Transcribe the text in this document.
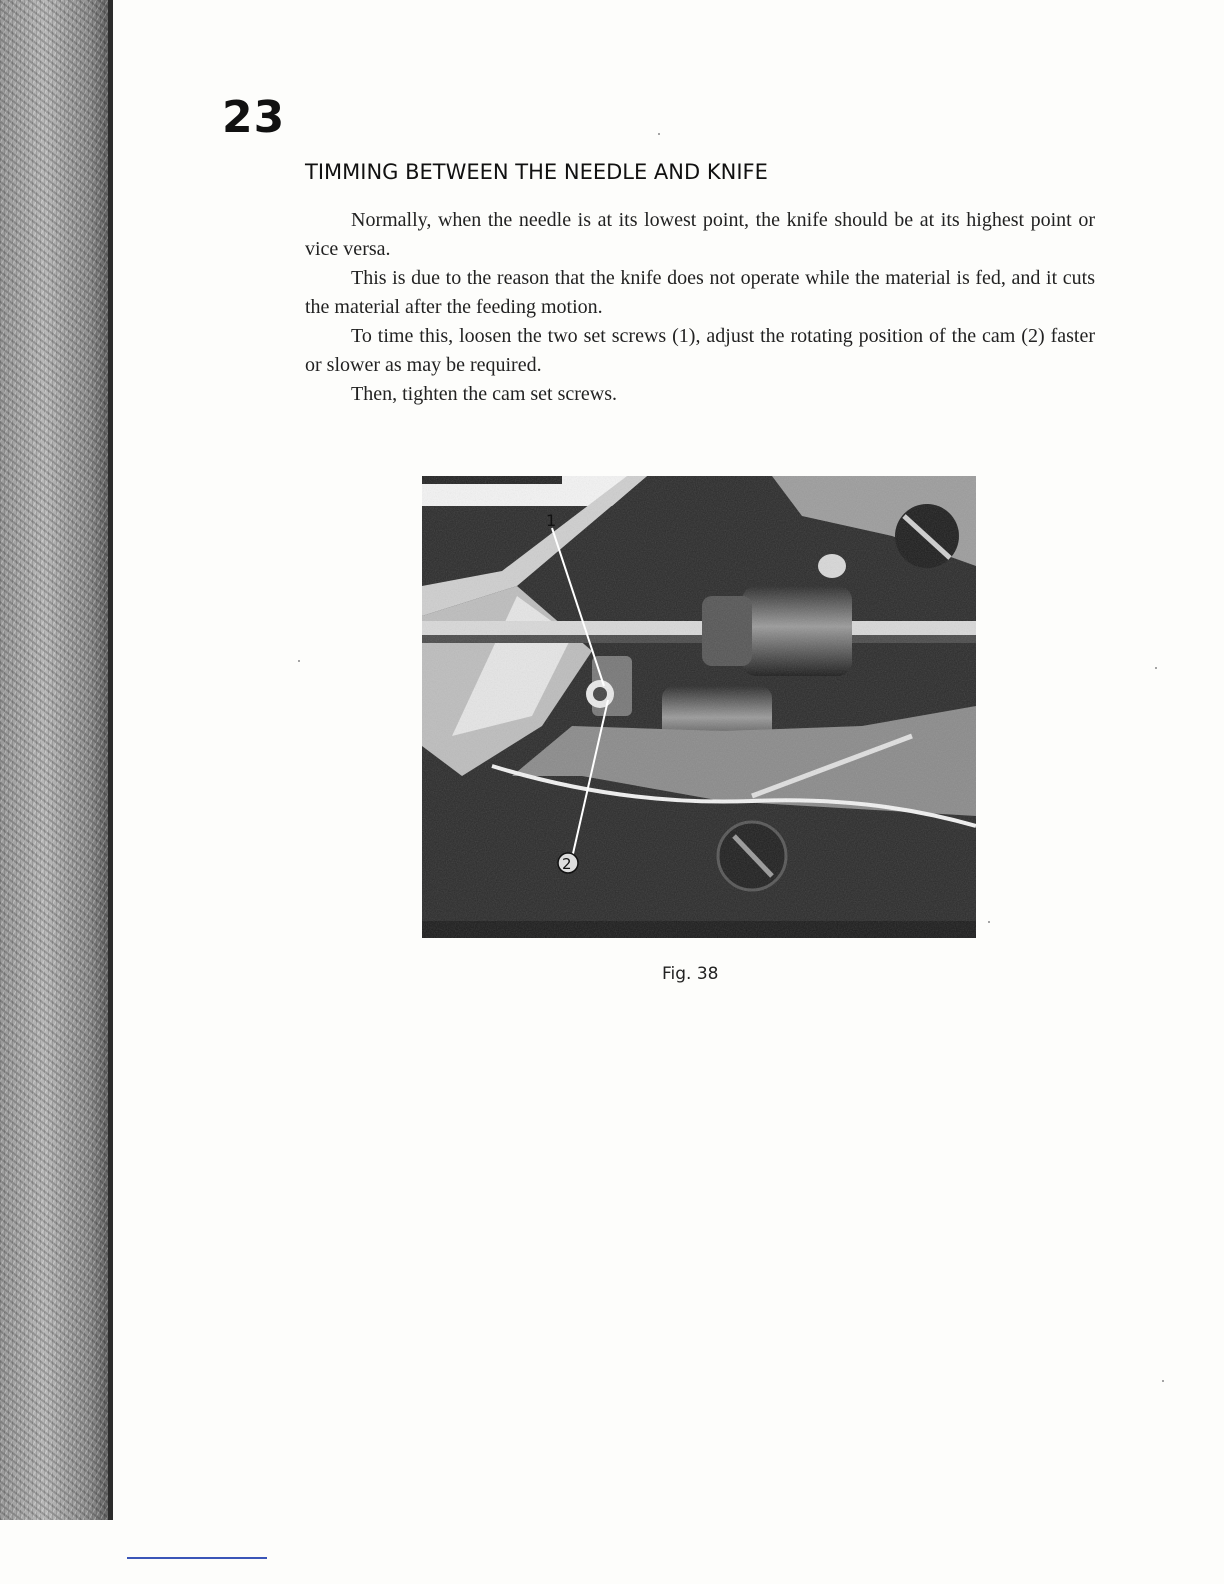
23
TIMMING BETWEEN THE NEEDLE AND KNIFE

Normally, when the needle is at its lowest point, the knife should be at its highest point or vice versa.

This is due to the reason that the knife does not operate while the material is fed, and it cuts the material after the feeding motion.

To time this, loosen the two set screws (1), adjust the rotating position of the cam (2) faster or slower as may be required.

Then, tighten the cam set screws.

1
2
Fig. 38
